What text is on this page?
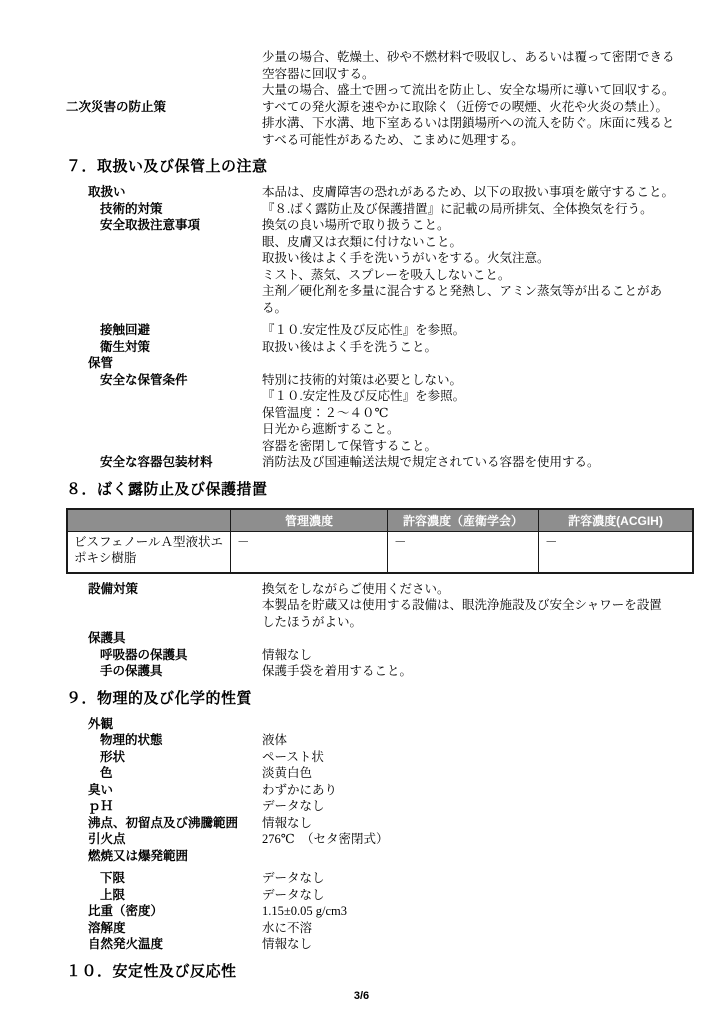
少量の場合、乾燥土、砂や不燃材料で吸収し、あるいは覆って密閉できる
空容器に回収する。
大量の場合、盛土で囲って流出を防止し、安全な場所に導いて回収する。
二次災害の防止策	すべての発火源を速やかに取除く（近傍での喫煙、火花や火炎の禁止）。
排水溝、下水溝、地下室あるいは閉鎖場所への流入を防ぐ。床面に残ると
すべる可能性があるため、こまめに処理する。
７．取扱い及び保管上の注意
取扱い	本品は、皮膚障害の恐れがあるため、以下の取扱い事項を厳守すること。
技術的対策	『８.ばく露防止及び保護措置』に記載の局所排気、全体換気を行う。
安全取扱注意事項	換気の良い場所で取り扱うこと。
眼、皮膚又は衣類に付けないこと。
取扱い後はよく手を洗いうがいをする。火気注意。
ミスト、蒸気、スプレーを吸入しないこと。
主剤／硬化剤を多量に混合すると発熱し、アミン蒸気等が出ることがあ
る。
接触回避	『１０.安定性及び反応性』を参照。
衛生対策	取扱い後はよく手を洗うこと。
保管
安全な保管条件	特別に技術的対策は必要としない。
『１０.安定性及び反応性』を参照。
保管温度：２～４０℃
日光から遮断すること。
容器を密閉して保管すること。
安全な容器包装材料	消防法及び国連輸送法規で規定されている容器を使用する。
８．ばく露防止及び保護措置
	管理濃度	許容濃度（産衛学会）	許容濃度(ACGIH)
ビスフェノールＡ型液状エポキシ樹脂	－	－	－
設備対策	換気をしながらご使用ください。
本製品を貯蔵又は使用する設備は、眼洗浄施設及び安全シャワーを設置
したほうがよい。
保護具
呼吸器の保護具	情報なし
手の保護具	保護手袋を着用すること。
９．物理的及び化学的性質
外観
物理的状態	液体
形状	ペースト状
色	淡黄白色
臭い	わずかにあり
ｐＨ	データなし
沸点、初留点及び沸騰範囲 情報なし
引火点	276℃　（セタ密閉式）
燃焼又は爆発範囲
下限	データなし
上限	データなし
比重（密度）	1.15±0.05 g/cm3
溶解度	水に不溶
自然発火温度	情報なし
１０．安定性及び反応性
3/6
